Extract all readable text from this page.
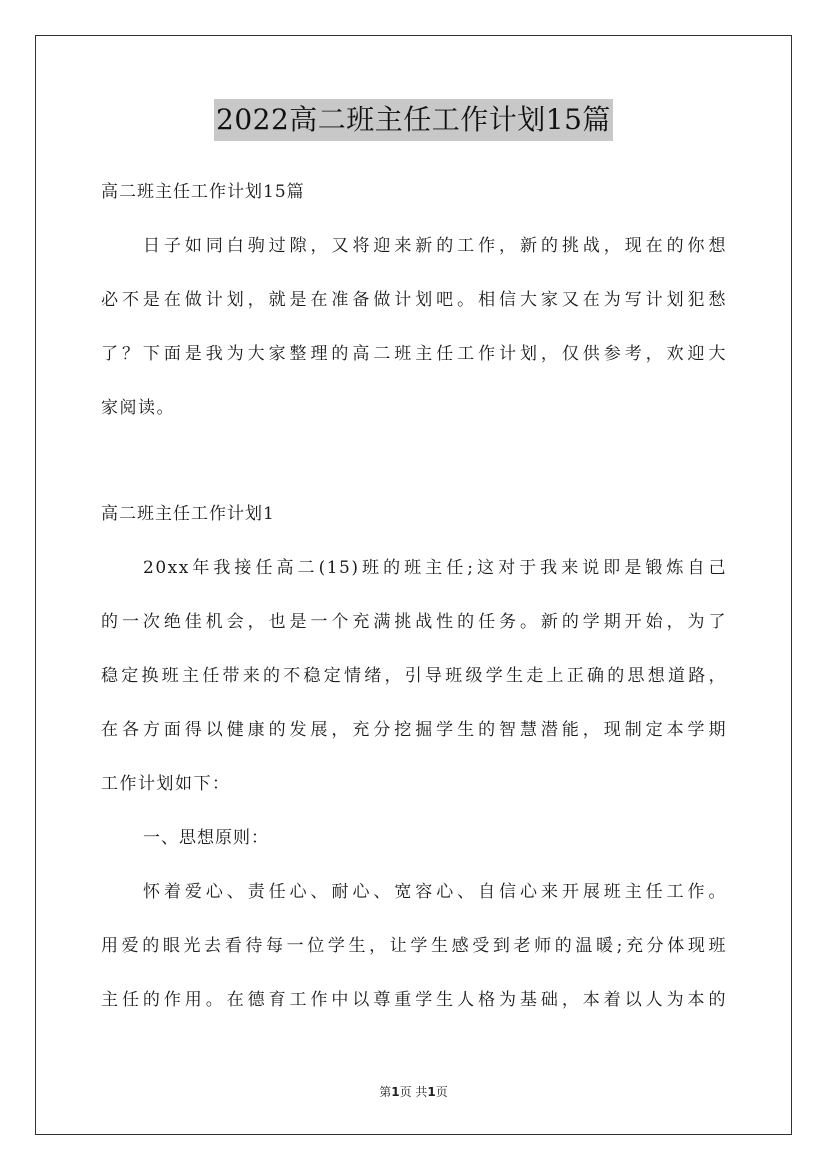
2022高二班主任工作计划15篇
高二班主任工作计划15篇
日子如同白驹过隙，又将迎来新的工作，新的挑战，现在的你想
必不是在做计划，就是在准备做计划吧。相信大家又在为写计划犯愁
了？下面是我为大家整理的高二班主任工作计划，仅供参考，欢迎大
家阅读。
高二班主任工作计划1
20xx年我接任高二(15)班的班主任;这对于我来说即是锻炼自己
的一次绝佳机会，也是一个充满挑战性的任务。新的学期开始，为了
稳定换班主任带来的不稳定情绪，引导班级学生走上正确的思想道路，
在各方面得以健康的发展，充分挖掘学生的智慧潜能，现制定本学期
工作计划如下：
一、思想原则：
怀着爱心、责任心、耐心、宽容心、自信心来开展班主任工作。
用爱的眼光去看待每一位学生，让学生感受到老师的温暖;充分体现班
主任的作用。在德育工作中以尊重学生人格为基础，本着以人为本的
第1页 共1页
